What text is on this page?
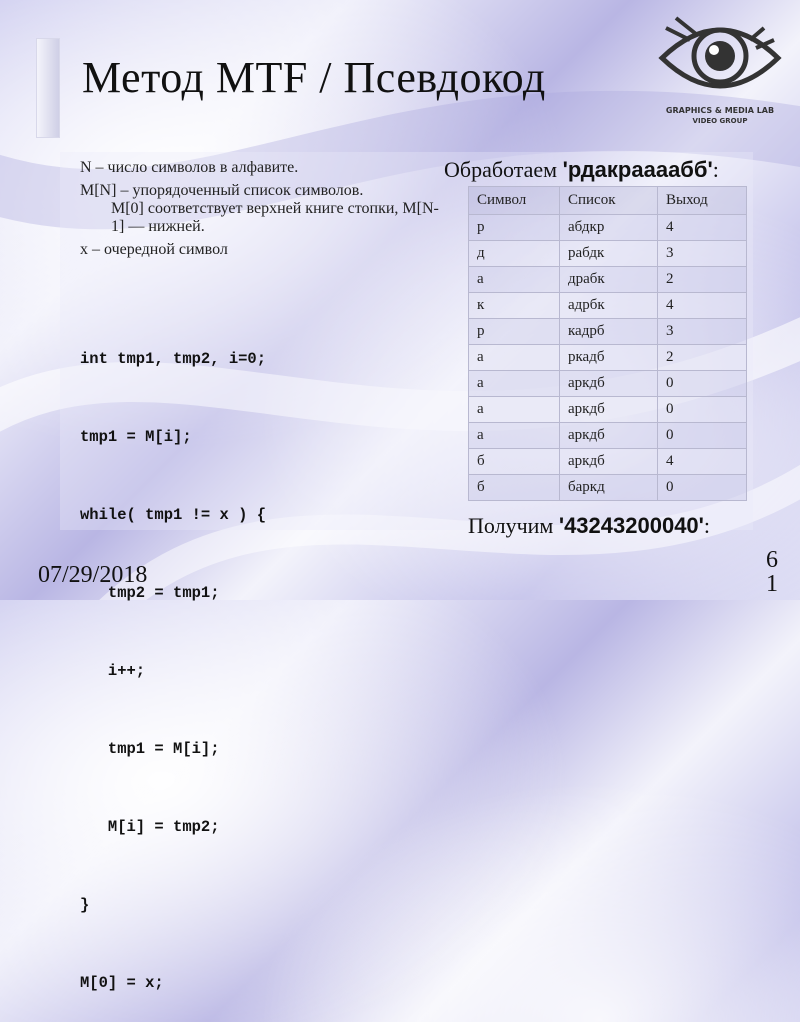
Метод MTF / Псевдокод
GRAPHICS & MEDIA LAB
VIDEO GROUP

N – число символов в алфавите.

M[N] – упорядоченный список символов.

M[0] соответствует верхней книге стопки, M[N-1] — нижней.

x – очередной символ

int tmp1, tmp2, i=0;

tmp1 = M[i];

while( tmp1 != x ) {

tmp2 = tmp1;

i++;

tmp1 = M[i];

M[i] = tmp2;

}

M[0] = x;

Обработаем 'рдакраааабб':
Символ	Список	Выход
р	абдкр	4
д	рабдк	3
а	драбк	2
к	адрбк	4
р	кадрб	3
а	ркадб	2
а	аркдб	0
а	аркдб	0
а	аркдб	0
б	аркдб	4
б	баркд	0
Получим '43243200040':
07/29/2018
6
1
